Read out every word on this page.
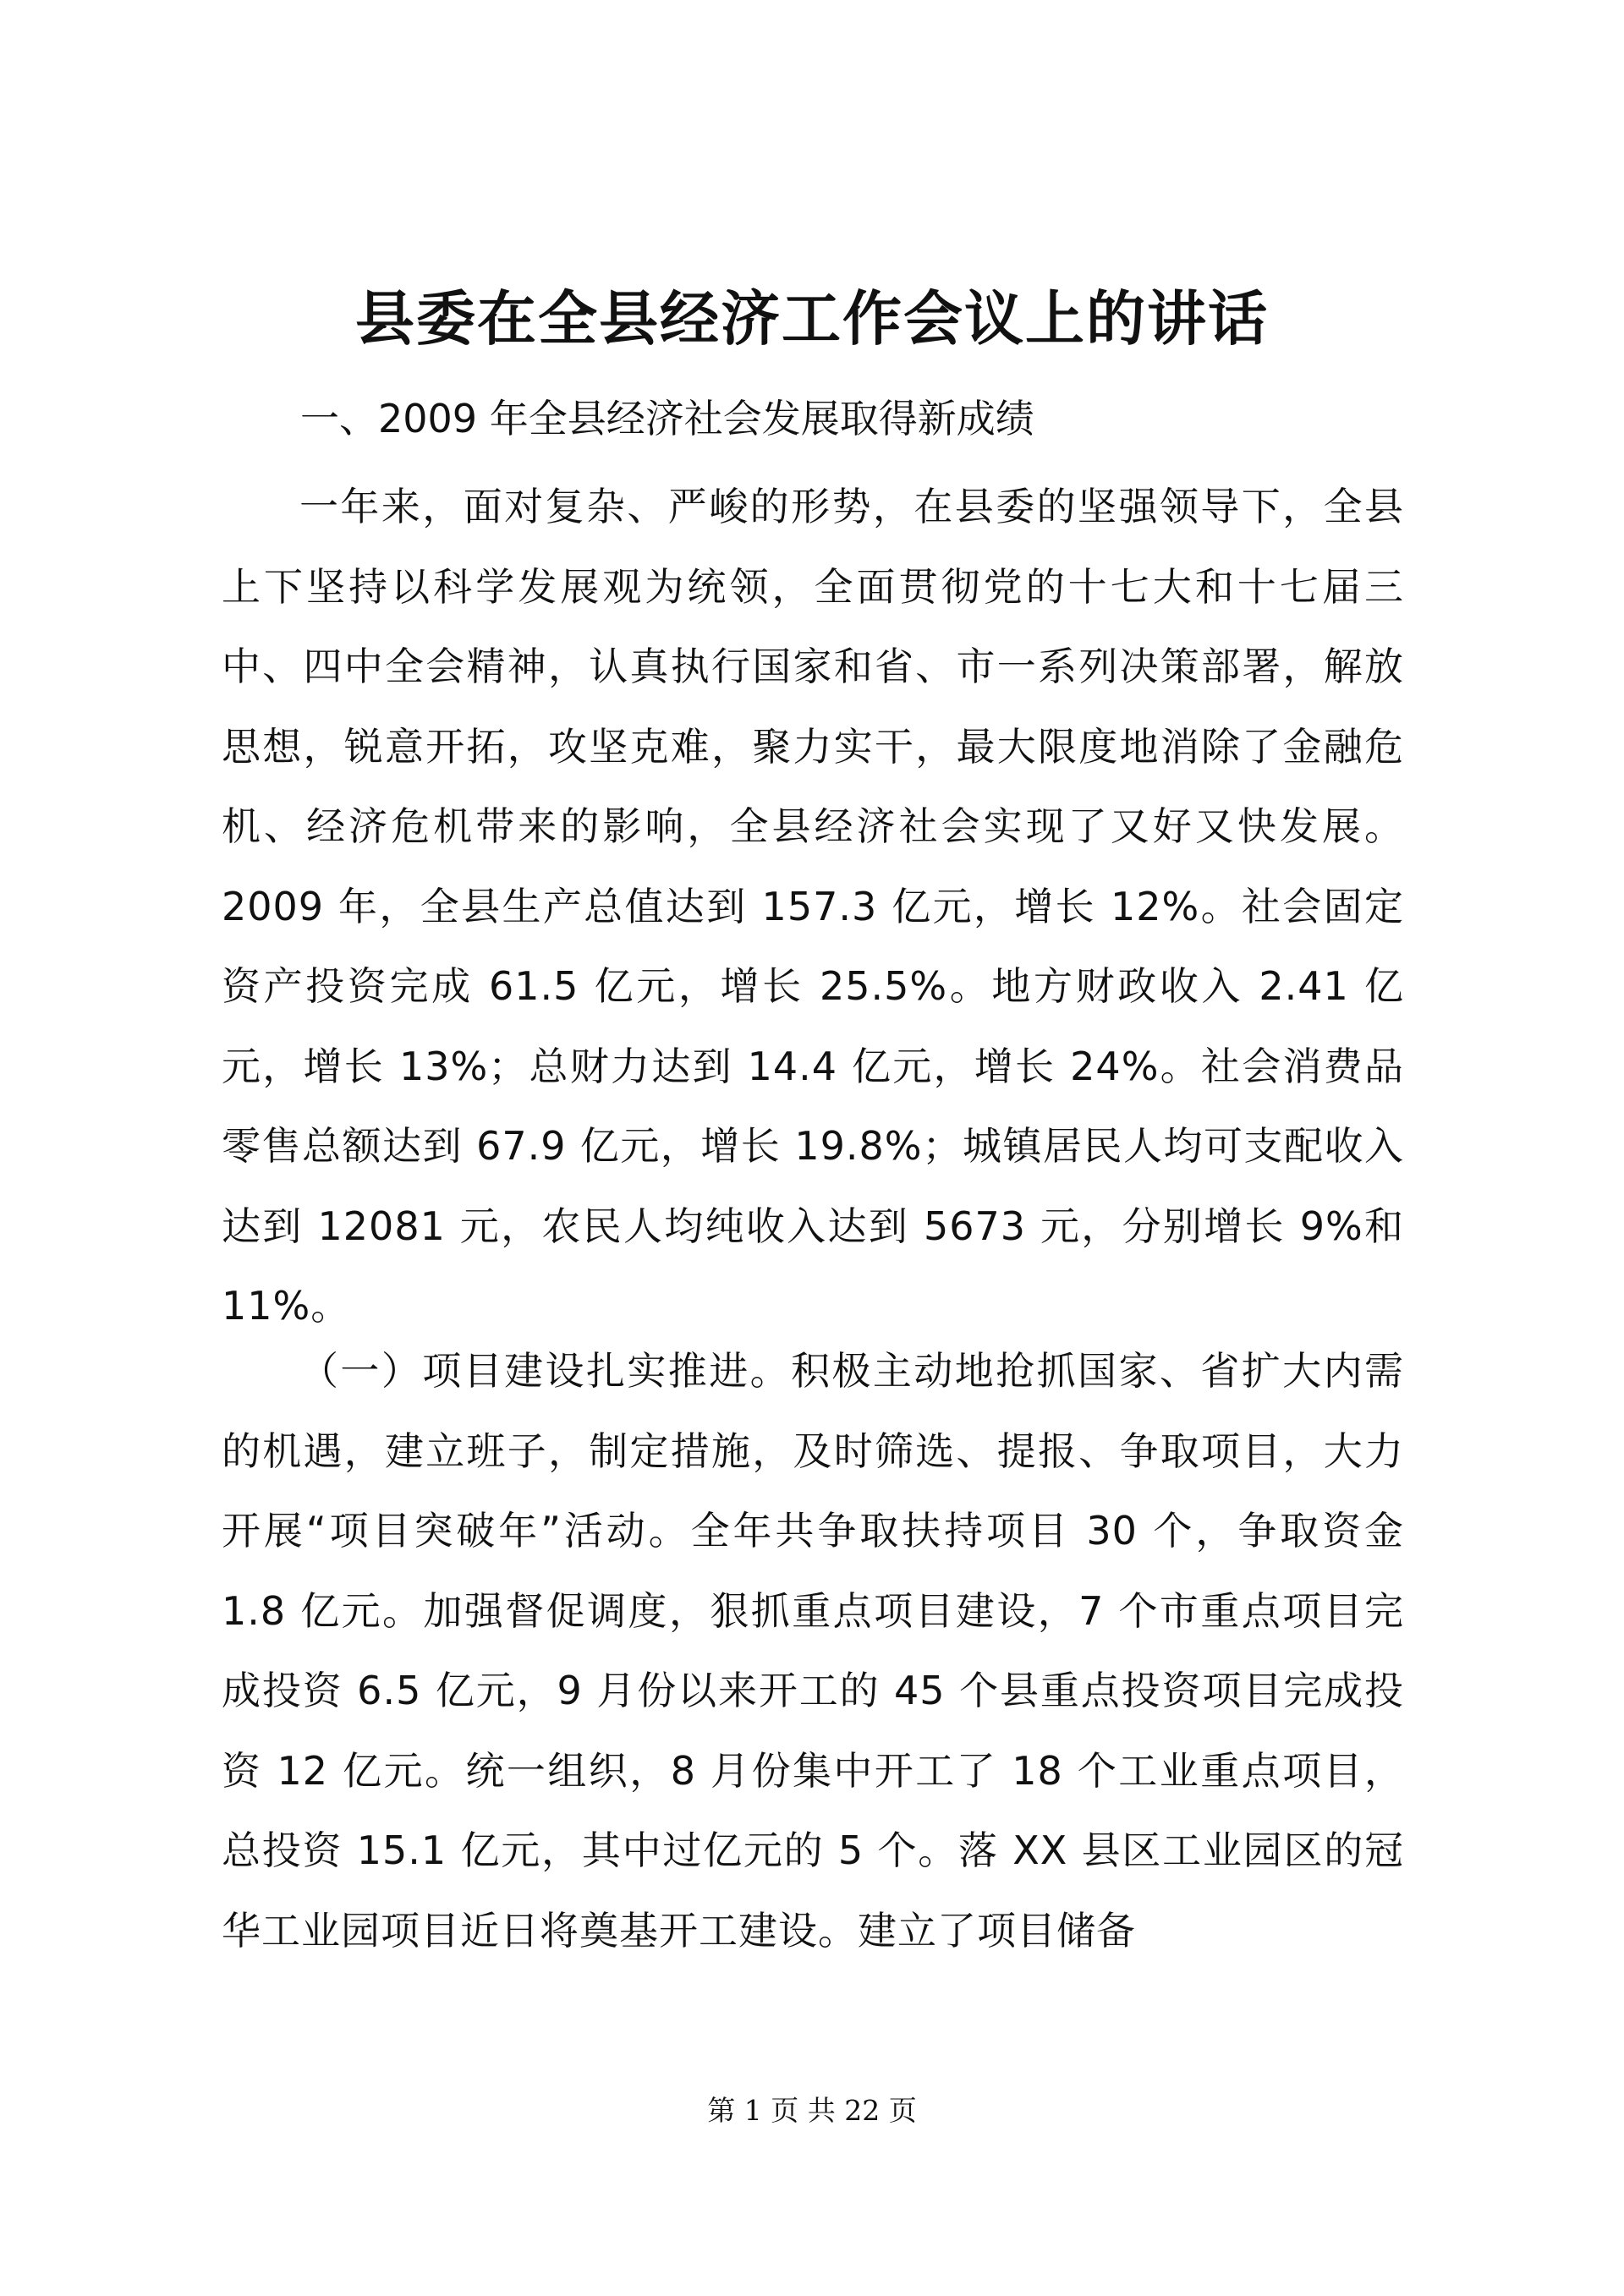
县委在全县经济工作会议上的讲话

一、2009 年全县经济社会发展取得新成绩

一年来，面对复杂、严峻的形势，在县委的坚强领导下，全县上下坚持以科学发展观为统领，全面贯彻党的十七大和十七届三中、四中全会精神，认真执行国家和省、市一系列决策部署，解放思想，锐意开拓，攻坚克难，聚力实干，最大限度地消除了金融危机、经济危机带来的影响，全县经济社会实现了又好又快发展。2009 年，全县生产总值达到 157.3 亿元，增长 12%。社会固定资产投资完成 61.5 亿元，增长 25.5%。地方财政收入 2.41 亿元，增长 13%；总财力达到 14.4 亿元，增长 24%。社会消费品零售总额达到 67.9 亿元，增长 19.8%；城镇居民人均可支配收入达到 12081 元，农民人均纯收入达到 5673 元，分别增长 9%和 11%。

（一）项目建设扎实推进。积极主动地抢抓国家、省扩大内需的机遇，建立班子，制定措施，及时筛选、提报、争取项目，大力开展“项目突破年”活动。全年共争取扶持项目 30 个，争取资金 1.8 亿元。加强督促调度，狠抓重点项目建设，7 个市重点项目完成投资 6.5 亿元，9 月份以来开工的 45 个县重点投资项目完成投资 12 亿元。统一组织，8 月份集中开工了 18 个工业重点项目，总投资 15.1 亿元，其中过亿元的 5 个。落 XX 县区工业园区的冠华工业园项目近日将奠基开工建设。建立了项目储备

第 1 页 共 22 页
